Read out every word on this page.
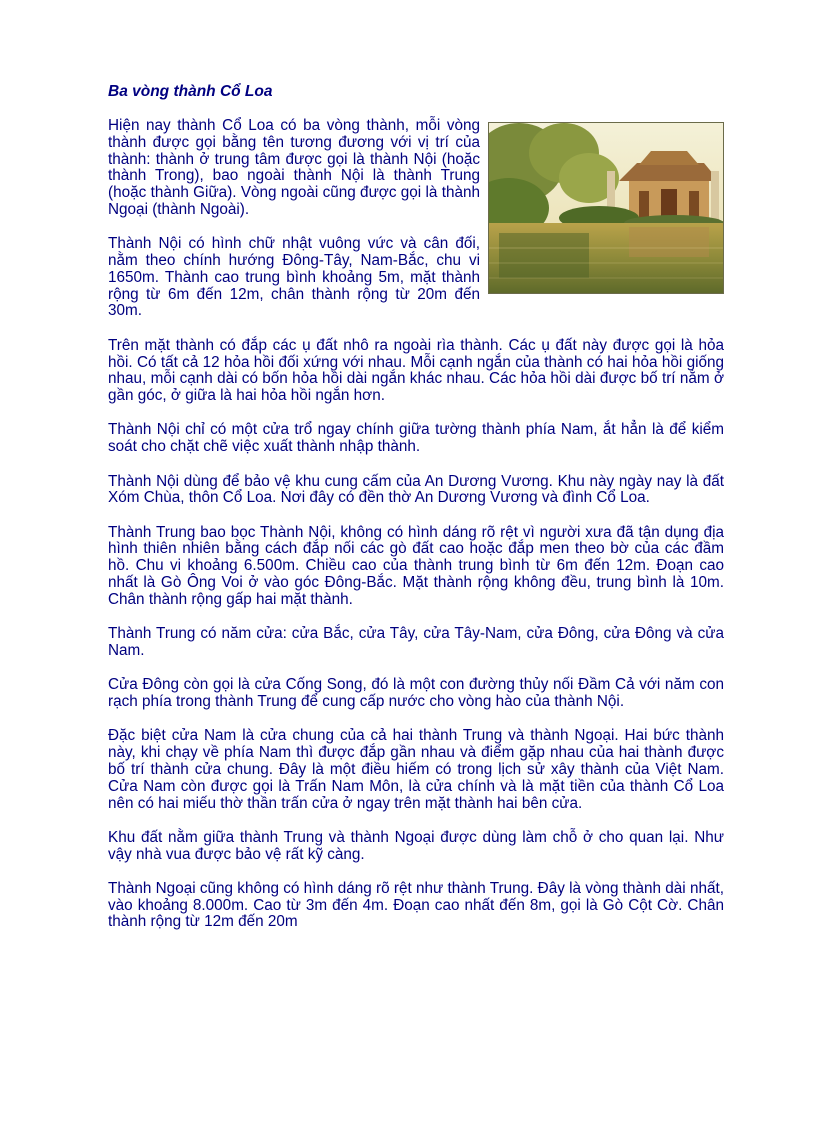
Ba vòng thành Cổ Loa

Hiện nay thành Cổ Loa có ba vòng thành, mỗi vòng thành được gọi bằng tên tương đương với vị trí của thành: thành ở trung tâm được gọi là thành Nội (hoặc thành Trong), bao ngoài thành Nội là thành Trung (hoặc thành Giữa). Vòng ngoài cũng được gọi là thành Ngoại (thành Ngoài).

Thành Nội có hình chữ nhật vuông vức và cân đối, nằm theo chính hướng Đông-Tây, Nam-Bắc, chu vi 1650m. Thành cao trung bình khoảng 5m, mặt thành rộng từ 6m đến 12m, chân thành rộng từ 20m đến 30m.

Trên mặt thành có đắp các ụ đất nhô ra ngoài rìa thành. Các ụ đất này được gọi là hỏa hồi. Có tất cả 12 hỏa hồi đối xứng với nhau. Mỗi cạnh ngắn của thành có hai hỏa hồi giống nhau, mỗi cạnh dài có bốn hỏa hồi dài ngắn khác nhau. Các hỏa hồi dài được bố trí nằm ở gần góc, ở giữa là hai hỏa hồi ngắn hơn.

Thành Nội chỉ có một cửa trổ ngay chính giữa tường thành phía Nam, ắt hẳn là để kiểm soát cho chặt chẽ việc xuất thành nhập thành.

Thành Nội dùng để bảo vệ khu cung cấm của An Dương Vương. Khu này ngày nay là đất Xóm Chùa, thôn Cổ Loa. Nơi đây có đền thờ An Dương Vương và đình Cổ Loa.

Thành Trung bao bọc Thành Nội, không có hình dáng rõ rệt vì người xưa đã tận dụng địa hình thiên nhiên bằng cách đắp nối các gò đất cao hoặc đắp men theo bờ của các đầm hồ. Chu vi khoảng 6.500m. Chiều cao của thành trung bình từ 6m đến 12m. Đoạn cao nhất là Gò Ông Voi ở vào góc Đông-Bắc. Mặt thành rộng không đều, trung bình là 10m. Chân thành rộng gấp hai mặt thành.

Thành Trung có năm cửa: cửa Bắc, cửa Tây, cửa Tây-Nam, cửa Đông, cửa Đông và cửa Nam.

Cửa Đông còn gọi là cửa Cống Song, đó là một con đường thủy nối Đầm Cả với năm con rạch phía trong thành Trung để cung cấp nước cho vòng hào của thành Nội.

Đặc biệt cửa Nam là cửa chung của cả hai thành Trung và thành Ngoại. Hai bức thành này, khi chạy về phía Nam thì được đắp gần nhau và điểm gặp nhau của hai thành được bố trí thành cửa chung. Đây là một điều hiếm có trong lịch sử xây thành của Việt Nam. Cửa Nam còn được gọi là Trấn Nam Môn, là cửa chính và là mặt tiền của thành Cổ Loa nên có hai miếu thờ thần trấn cửa ở ngay trên mặt thành hai bên cửa.

Khu đất nằm giữa thành Trung và thành Ngoại được dùng làm chỗ ở cho quan lại. Như vậy nhà vua được bảo vệ rất kỹ càng.

Thành Ngoại cũng không có hình dáng rõ rệt như thành Trung. Đây là vòng thành dài nhất, vào khoảng 8.000m. Cao từ 3m đến 4m. Đoạn cao nhất đến 8m, gọi là Gò Cột Cờ. Chân thành rộng từ 12m đến 20m
